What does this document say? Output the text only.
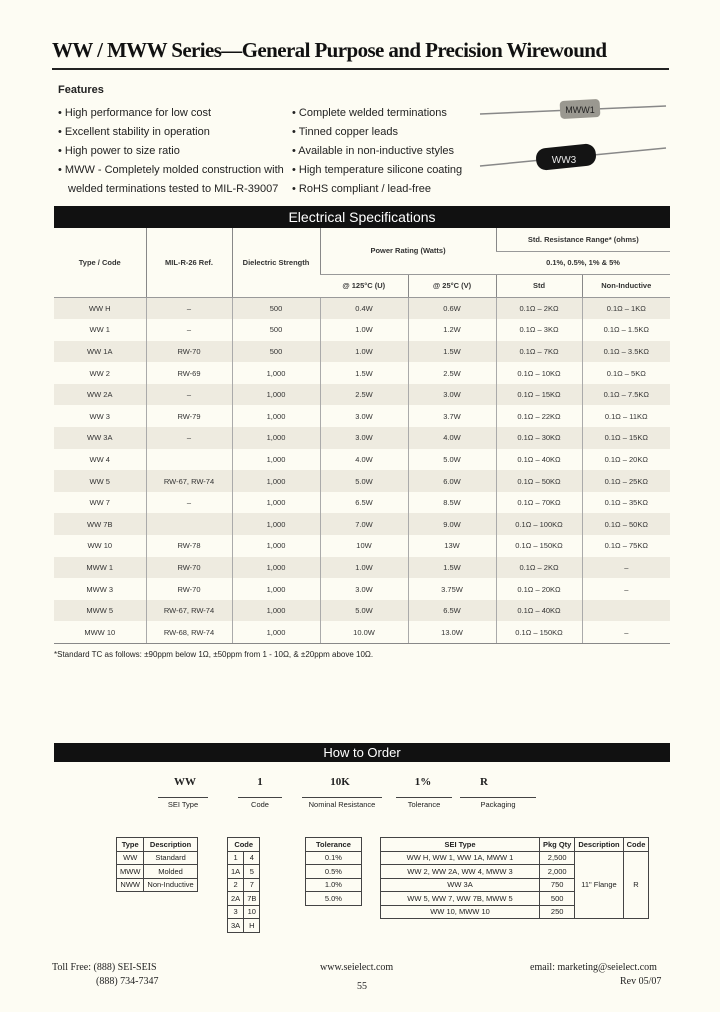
WW / MWW Series—General Purpose and Precision Wirewound
Features
• High performance for low cost
• Excellent stability in operation
• High power to size ratio
• MWW - Completely molded construction with
welded terminations tested to MIL-R-39007
• Complete welded terminations
• Tinned copper leads
• Available in non-inductive styles
• High temperature silicone coating
• RoHS compliant / lead-free
MWW1
WW3
Electrical Specifications
Type / Code	MIL-R-26 Ref.	Dielectric Strength	Power Rating (Watts)		Std. Resistance Range* (ohms)	
					0.1%, 0.5%, 1% & 5%	
			@ 125°C (U)	@ 25°C (V)	Std	Non-Inductive
WW H	–	500	0.4W	0.6W	0.1Ω – 2KΩ	0.1Ω – 1KΩ
WW 1	–	500	1.0W	1.2W	0.1Ω – 3KΩ	0.1Ω – 1.5KΩ
WW 1A	RW-70	500	1.0W	1.5W	0.1Ω – 7KΩ	0.1Ω – 3.5KΩ
WW 2	RW-69	1,000	1.5W	2.5W	0.1Ω – 10KΩ	0.1Ω – 5KΩ
WW 2A	–	1,000	2.5W	3.0W	0.1Ω – 15KΩ	0.1Ω – 7.5KΩ
WW 3	RW-79	1,000	3.0W	3.7W	0.1Ω – 22KΩ	0.1Ω – 11KΩ
WW 3A	–	1,000	3.0W	4.0W	0.1Ω – 30KΩ	0.1Ω – 15KΩ
WW 4		1,000	4.0W	5.0W	0.1Ω – 40KΩ	0.1Ω – 20KΩ
WW 5	RW-67, RW-74	1,000	5.0W	6.0W	0.1Ω – 50KΩ	0.1Ω – 25KΩ
WW 7	–	1,000	6.5W	8.5W	0.1Ω – 70KΩ	0.1Ω – 35KΩ
WW 7B		1,000	7.0W	9.0W	0.1Ω – 100KΩ	0.1Ω – 50KΩ
WW 10	RW-78	1,000	10W	13W	0.1Ω – 150KΩ	0.1Ω – 75KΩ
MWW 1	RW-70	1,000	1.0W	1.5W	0.1Ω – 2KΩ	–
MWW 3	RW-70	1,000	3.0W	3.75W	0.1Ω – 20KΩ	–
MWW 5	RW-67, RW-74	1,000	5.0W	6.5W	0.1Ω – 40KΩ	
MWW 10	RW-68, RW-74	1,000	10.0W	13.0W	0.1Ω – 150KΩ	–
*Standard TC as follows: ±90ppm below 1Ω, ±50ppm from 1 - 10Ω, & ±20ppm above 10Ω.
How to Order
WW	1	10K	1%	R
SEI Type	Code	Nominal Resistance	Tolerance	Packaging
Type	Description
WW	Standard
MWW	Molded
NWW	Non-Inductive
Code	
1	4
1A	5
2	7
2A	7B
3	10
3A	H
Tolerance
0.1%
0.5%
1.0%
5.0%
SEI Type	Pkg Qty	Description	Code
WW H, WW 1, WW 1A, MWW 1	2,500	11" Flange	R
WW 2, WW 2A, WW 4, MWW 3	2,000		
WW 3A	750		
WW 5, WW 7, WW 7B, MWW 5	500		
WW 10, MWW 10	250		
Toll Free: (888) SEI-SEIS
(888) 734-7347
www.seielect.com
55
email: marketing@seielect.com
Rev 05/07
